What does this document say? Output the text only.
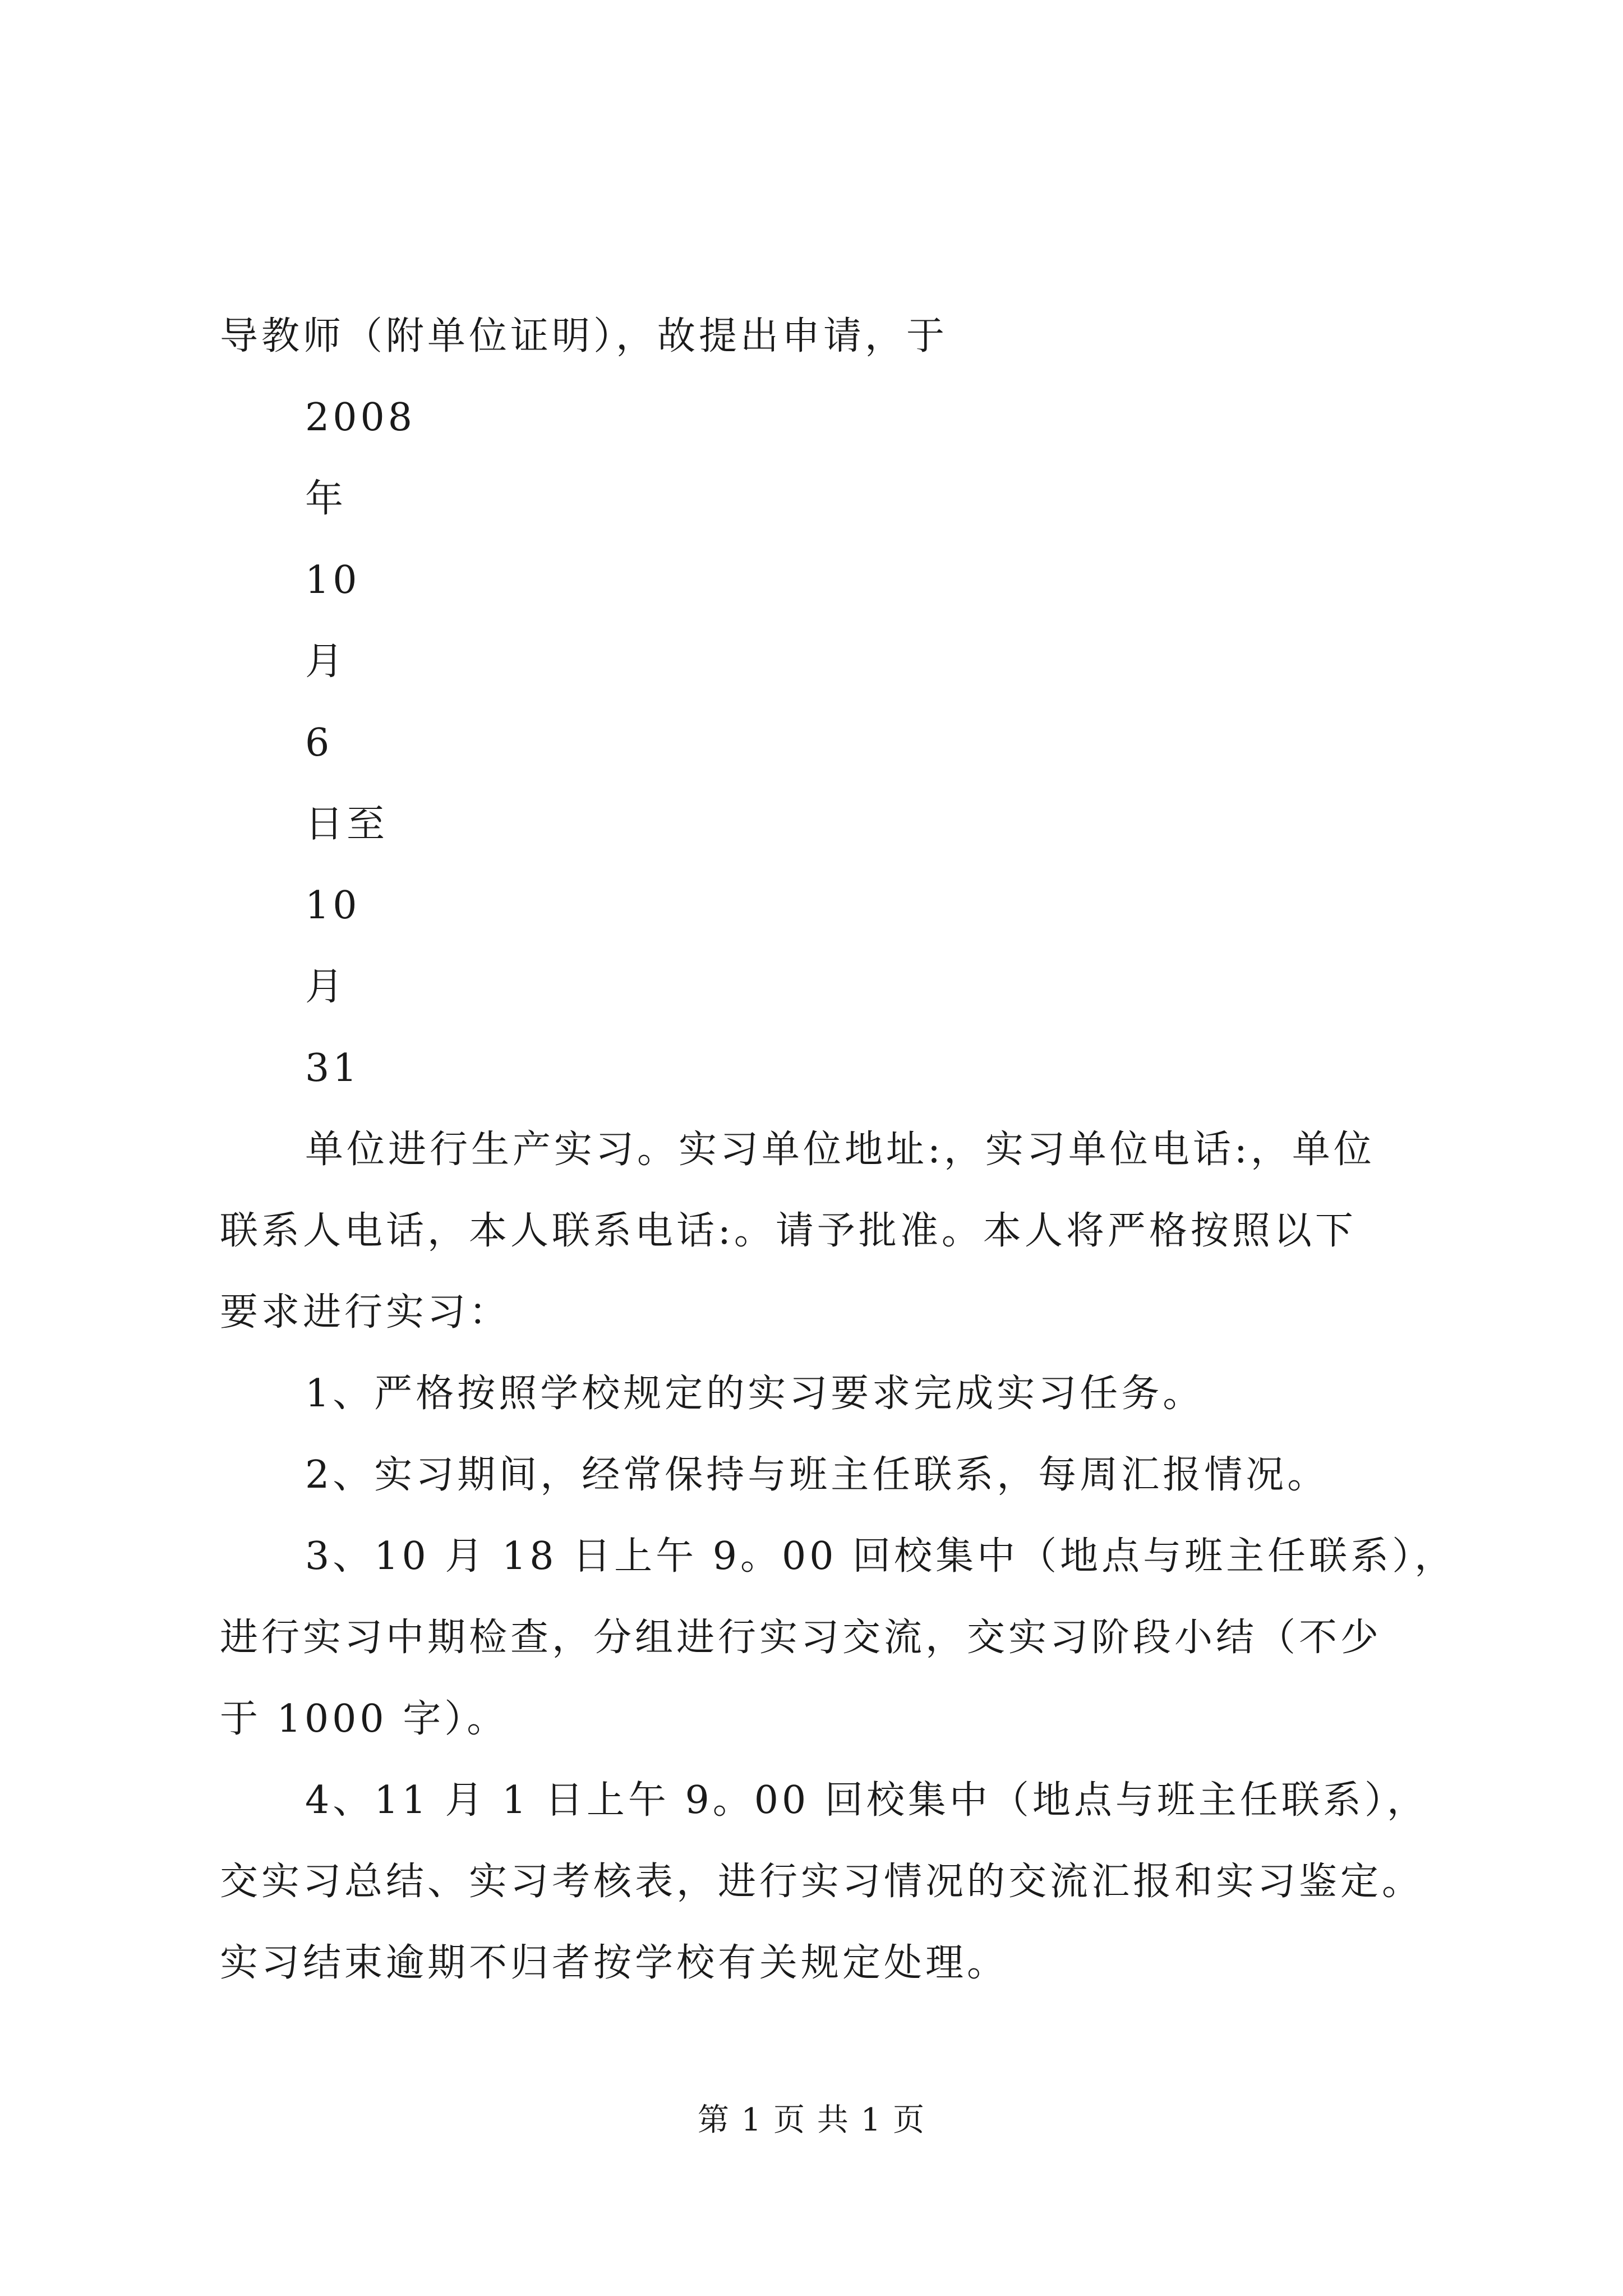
导教师（附单位证明），故提出申请，于
2008
年
10
月
6
日至
10
月
31
单位进行生产实习。实习单位地址:，实习单位电话:，单位
联系人电话，本人联系电话:。请予批准。本人将严格按照以下
要求进行实习：
1、严格按照学校规定的实习要求完成实习任务。
2、实习期间，经常保持与班主任联系，每周汇报情况。
3、10 月 18 日上午 9。00 回校集中（地点与班主任联系），
进行实习中期检查，分组进行实习交流，交实习阶段小结（不少
于 1000 字）。
4、11 月 1 日上午 9。00 回校集中（地点与班主任联系），
交实习总结、实习考核表，进行实习情况的交流汇报和实习鉴定。
实习结束逾期不归者按学校有关规定处理。
第 1 页 共 1 页
